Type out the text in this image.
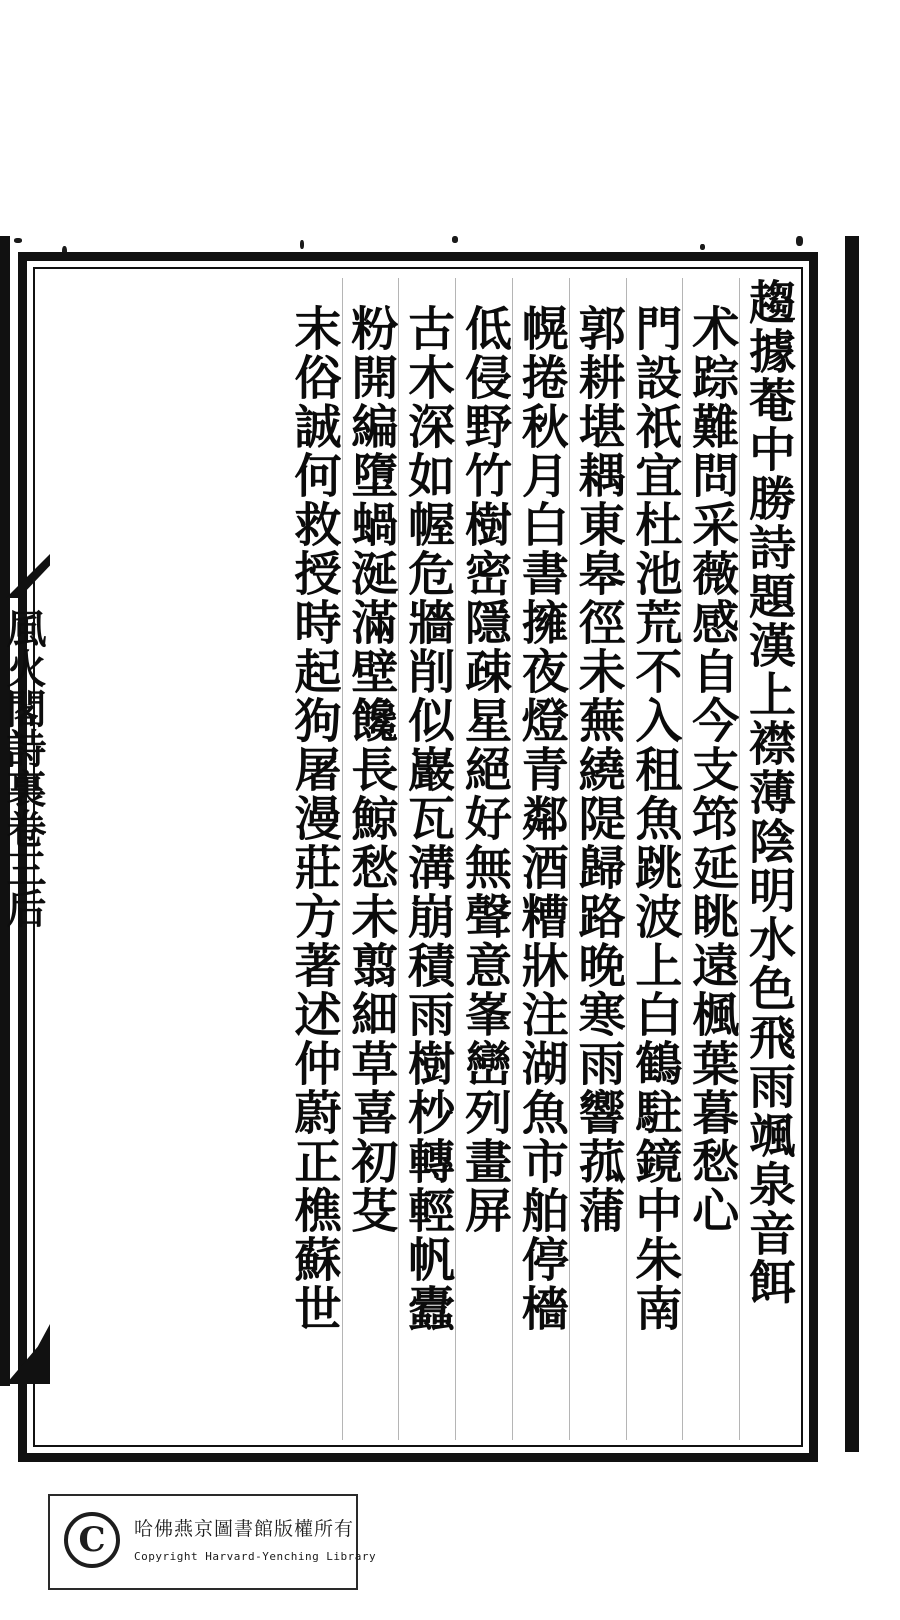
趨據菴中勝詩題漢上襟薄陰明水色飛雨颯泉音餌
术踪難問采薇感自今支筇延眺遠楓葉暮愁心
門設祇宜杜池荒不入租魚跳波上白鶴駐鏡中朱南
郭耕堪耦東皋徑未蕪繞隄歸路晚寒雨響菰蒲
幌捲秋月白書擁夜燈青鄰酒糟牀注湖魚市舶停檣
低侵野竹樹密隱疎星絕好無聲意峯巒列畫屏
古木深如幄危牆削似巖瓦溝崩積雨樹杪轉輕帆蠹
粉開編墮蝸涎滿壁饞長鯨愁未翦細草喜初芟
末俗誠何救授時起狗屠漫莊方著述仲蔚正樵蘇世
風火閣詩裏卷三后
C	哈佛燕京圖書館版權所有
Copyright Harvard-Yenching Library
